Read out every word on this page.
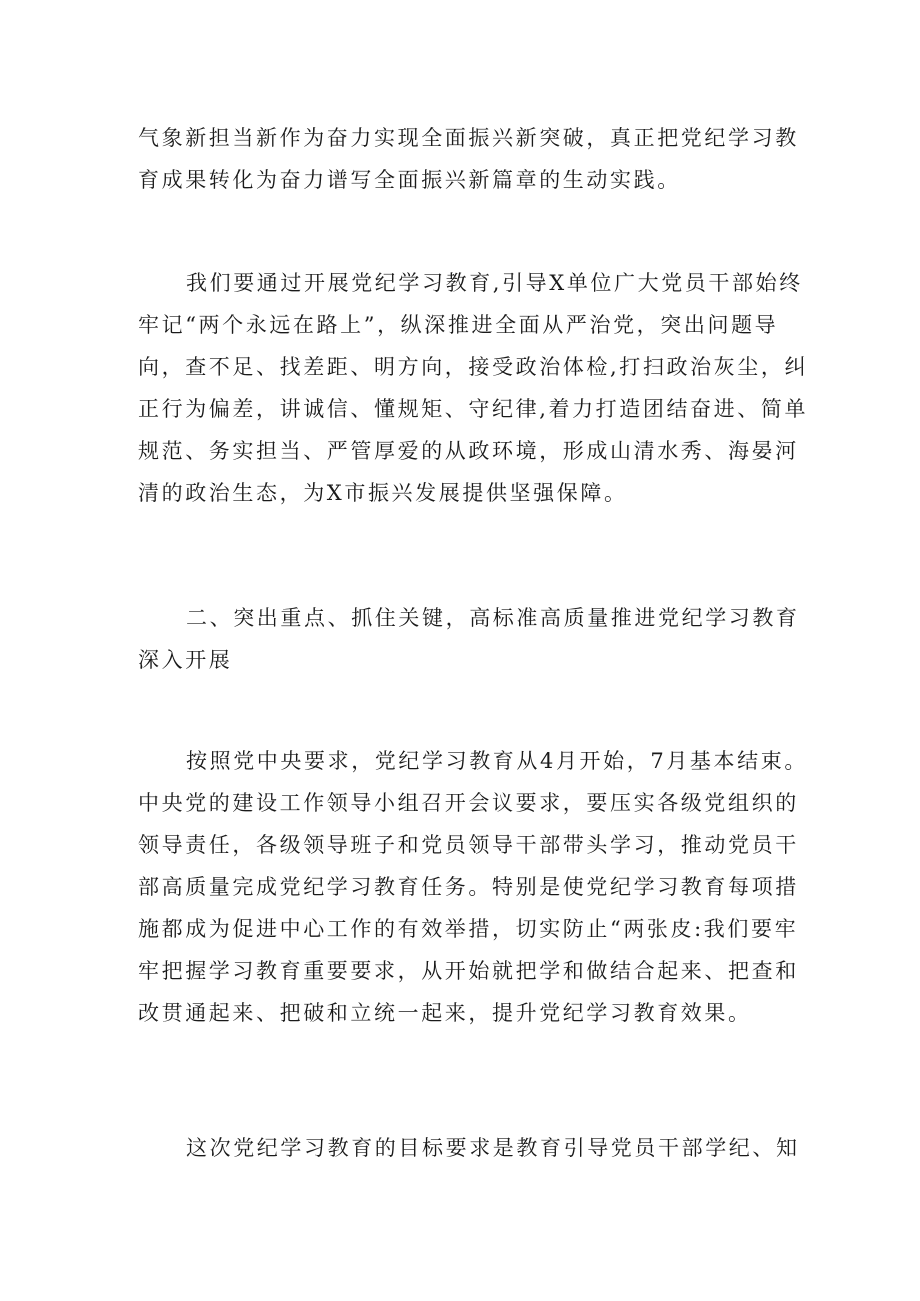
气象新担当新作为奋力实现全面振兴新突破，真正把党纪学习教
育成果转化为奋力谱写全面振兴新篇章的生动实践。
我们要通过开展党纪学习教育,引导X单位广大党员干部始终
牢记“两个永远在路上”，纵深推进全面从严治党，突出问题导
向，查不足、找差距、明方向，接受政治体检,打扫政治灰尘，纠
正行为偏差，讲诚信、懂规矩、守纪律,着力打造团结奋进、简单
规范、务实担当、严管厚爱的从政环境，形成山清水秀、海晏河
清的政治生态，为X市振兴发展提供坚强保障。
二、突出重点、抓住关键，高标准高质量推进党纪学习教育
深入开展
按照党中央要求，党纪学习教育从4月开始，7月基本结束。
中央党的建设工作领导小组召开会议要求，要压实各级党组织的
领导责任，各级领导班子和党员领导干部带头学习，推动党员干
部高质量完成党纪学习教育任务。特别是使党纪学习教育每项措
施都成为促进中心工作的有效举措，切实防止“两张皮:我们要牢
牢把握学习教育重要要求，从开始就把学和做结合起来、把查和
改贯通起来、把破和立统一起来，提升党纪学习教育效果。
这次党纪学习教育的目标要求是教育引导党员干部学纪、知
